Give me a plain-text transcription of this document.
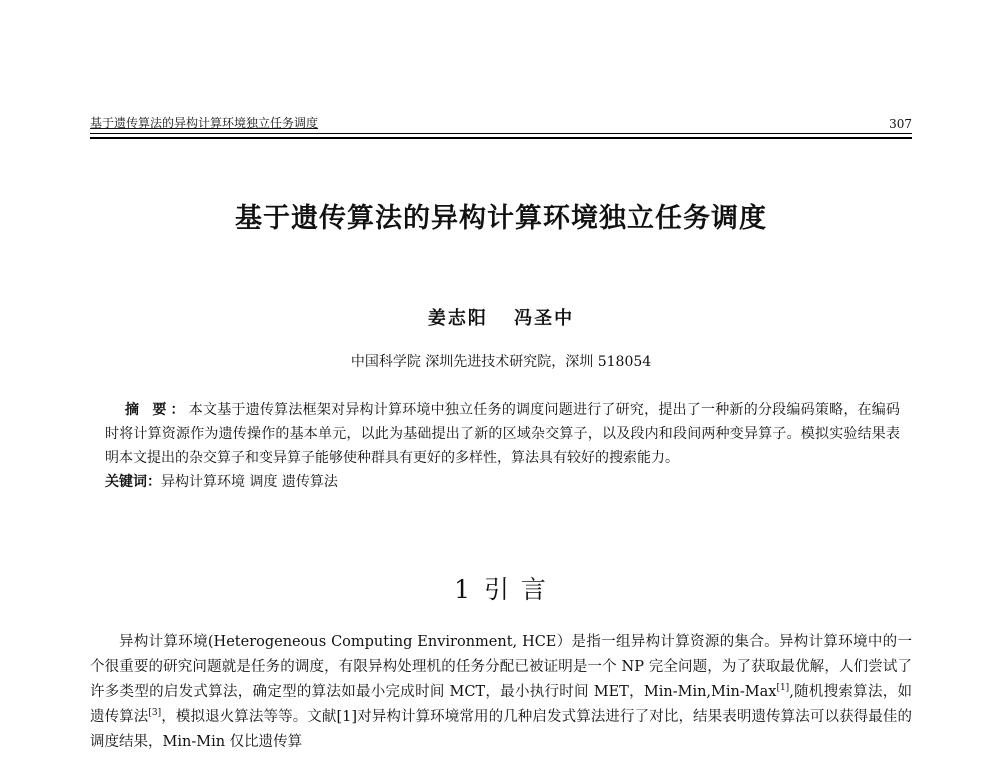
基于遗传算法的异构计算环境独立任务调度	307
基于遗传算法的异构计算环境独立任务调度
姜志阳 冯圣中
中国科学院 深圳先进技术研究院，深圳 518054

摘 要：本文基于遗传算法框架对异构计算环境中独立任务的调度问题进行了研究，提出了一种新的分段编码策略，在编码时将计算资源作为遗传操作的基本单元，以此为基础提出了新的区域杂交算子，以及段内和段间两种变异算子。模拟实验结果表明本文提出的杂交算子和变异算子能够使种群具有更好的多样性，算法具有较好的搜索能力。

关键词：异构计算环境 调度 遗传算法

1 引 言
异构计算环境(Heterogeneous Computing Environment, HCE）是指一组异构计算资源的集合。异构计算环境中的一个很重要的研究问题就是任务的调度，有限异构处理机的任务分配已被证明是一个 NP 完全问题，为了获取最优解，人们尝试了许多类型的启发式算法，确定型的算法如最小完成时间 MCT，最小执行时间 MET，Min-Min,Min-Max[1],随机搜索算法，如遗传算法[3]，模拟退火算法等等。文献[1]对异构计算环境常用的几种启发式算法进行了对比，结果表明遗传算法可以获得最佳的调度结果，Min-Min 仅比遗传算
